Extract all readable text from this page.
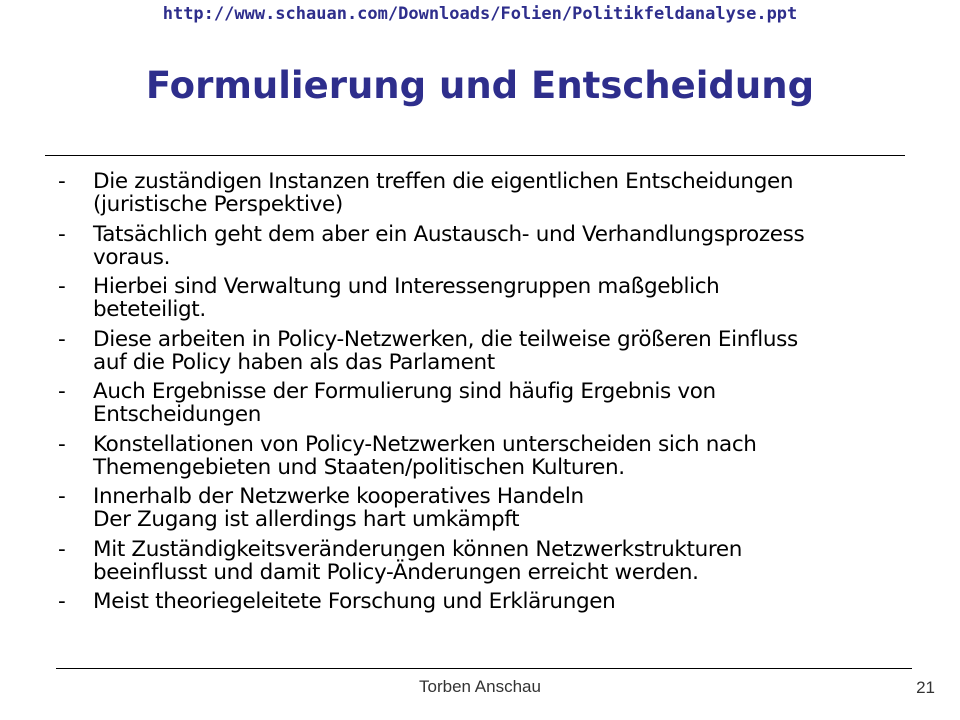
http://www.schauan.com/Downloads/Folien/Politikfeldanalyse.ppt
Formulierung und Entscheidung
-	Die zuständigen Instanzen treffen die eigentlichen Entscheidungen
(juristische Perspektive)
-	Tatsächlich geht dem aber ein Austausch- und Verhandlungsprozess
voraus.
-	Hierbei sind Verwaltung und Interessengruppen maßgeblich
beteteiligt.
-	Diese arbeiten in Policy-Netzwerken, die teilweise größeren Einfluss
auf die Policy haben als das Parlament
-	Auch Ergebnisse der Formulierung sind häufig Ergebnis von
Entscheidungen
-	Konstellationen von Policy-Netzwerken unterscheiden sich nach
Themengebieten und Staaten/politischen Kulturen.
-	Innerhalb der Netzwerke kooperatives Handeln
Der Zugang ist allerdings hart umkämpft
-	Mit Zuständigkeitsveränderungen können Netzwerkstrukturen
beeinflusst und damit Policy-Änderungen erreicht werden.
-	Meist theoriegeleitete Forschung und Erklärungen
Torben Anschau	21
